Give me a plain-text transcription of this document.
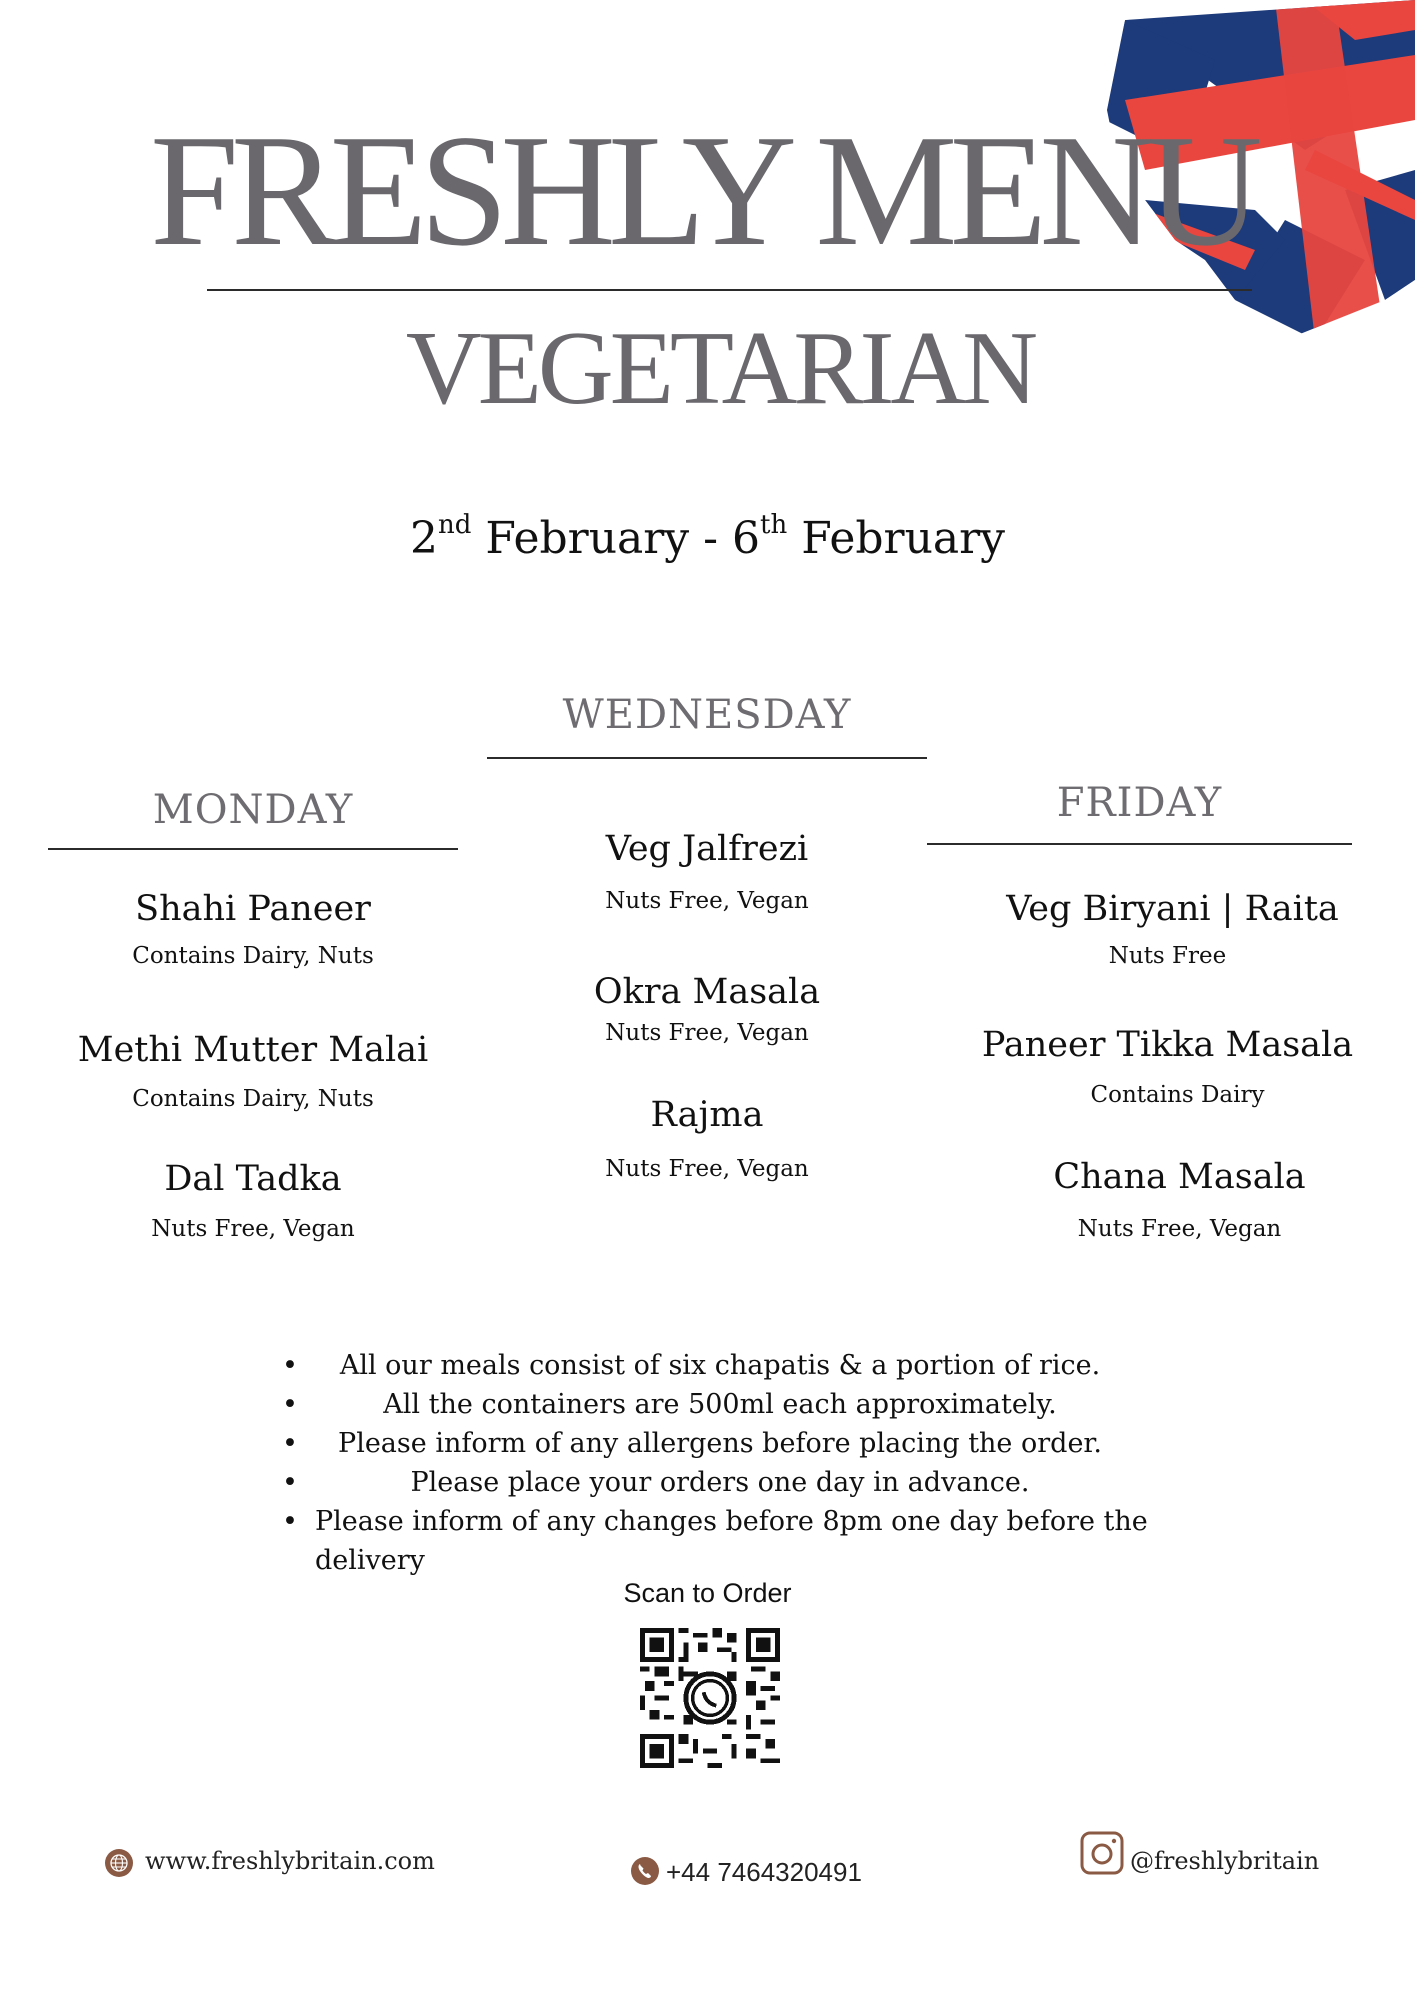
FRESHLY MENU
VEGETARIAN
2nd February - 6th February
WEDNESDAY
Veg Jalfrezi
Nuts Free, Vegan
Okra Masala
Nuts Free, Vegan
Rajma
Nuts Free, Vegan
MONDAY
Shahi Paneer
Contains Dairy, Nuts
Methi Mutter Malai
Contains Dairy, Nuts
Dal Tadka
Nuts Free, Vegan
FRIDAY
Veg Biryani | Raita
Nuts Free
Paneer Tikka Masala
Contains Dairy
Chana Masala
Nuts Free, Vegan
• All our meals consist of six chapatis & a portion of rice.
•	All the containers are 500ml each approximately.
• Please inform of any allergens before placing the order.
•	Please place your orders one day in advance.
• Please inform of any changes before 8pm one day before the delivery
Scan to Order
www.freshlybritain.com	+44 7464320491	@freshlybritain
